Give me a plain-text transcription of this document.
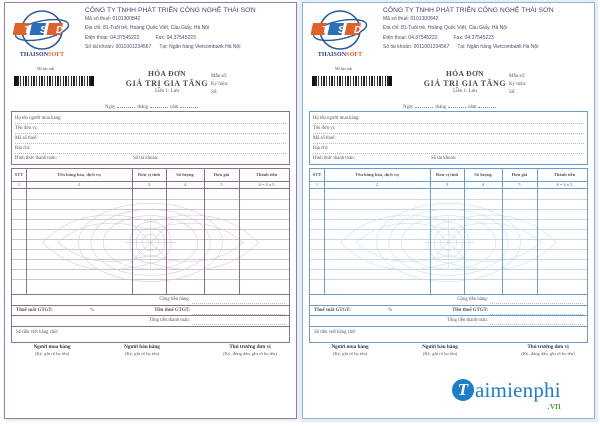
T S D
THAISONSOFT
CÔNG TY TNHH PHÁT TRIỂN CÔNG NGHỆ THÁI SƠN
Mã số thuế: 0101300842
Địa chỉ: 81-Tuổi trẻ, Hoàng Quốc Việt, Cầu Giấy, Hà Nội
Điện thoại: 04.37545222	Fax: 04.37545223
Số tài khoản: 0011001234567 Tại: Ngân hàng Vietcombank Hà Nội
Mã bảo mật	HÓA ĐƠN
GIÁ TRỊ GIA TĂNG
Liên 1: Lưu
Ngày	tháng	năm
Mẫu số:
Ký hiệu:
Số:
Họ tên người mua hàng:
Tên đơn vị:
Mã số thuế:
Địa chỉ:
Hình thức thanh toán:	Số tài khoản:
STT	Tên hàng hóa, dịch vụ	Đơn vị tính	Số lượng	Đơn giá	Thành tiền
1	2	3	4	5	6 = 4 x 5
Cộng tiền hàng:
Thuế suất GTGT:	%	Tiền thuế GTGT:
Tổng tiền thanh toán:
Số tiền viết bằng chữ:
Người mua hàng
(Ký, ghi rõ họ tên)
Người bán hàng
(Ký, ghi rõ họ tên)
Thủ trưởng đơn vị
(Ký, đóng dấu, ghi rõ họ tên)
T S D
THAISONSOFT
CÔNG TY TNHH PHÁT TRIỂN CÔNG NGHỆ THÁI SƠN
Mã số thuế: 0101300842
Địa chỉ: 81-Tuổi trẻ, Hoàng Quốc Việt, Cầu Giấy, Hà Nội
Điện thoại: 04.37545222	Fax: 04.37545223
Số tài khoản: 0011001234567 Tại: Ngân hàng Vietcombank Hà Nội
Mã bảo mật	HÓA ĐƠN
GIÁ TRỊ GIA TĂNG
Liên 1: Lưu
Ngày	tháng	năm
Mẫu số:
Ký hiệu:
Số:
Họ tên người mua hàng:
Tên đơn vị:
Mã số thuế:
Địa chỉ:
Hình thức thanh toán:	Số tài khoản:
STT	Tên hàng hóa, dịch vụ	Đơn vị tính	Số lượng	Đơn giá	Thành tiền
1	2	3	4	5	6 = 4 x 5
Cộng tiền hàng:
Thuế suất GTGT:	%	Tiền thuế GTGT:
Tổng tiền thanh toán:
Số tiền viết bằng chữ:
Người mua hàng
(Ký, ghi rõ họ tên)
Người bán hàng
(Ký, ghi rõ họ tên)
Thủ trưởng đơn vị
(Ký, đóng dấu, ghi rõ họ tên)
T aimienphi
.vn
